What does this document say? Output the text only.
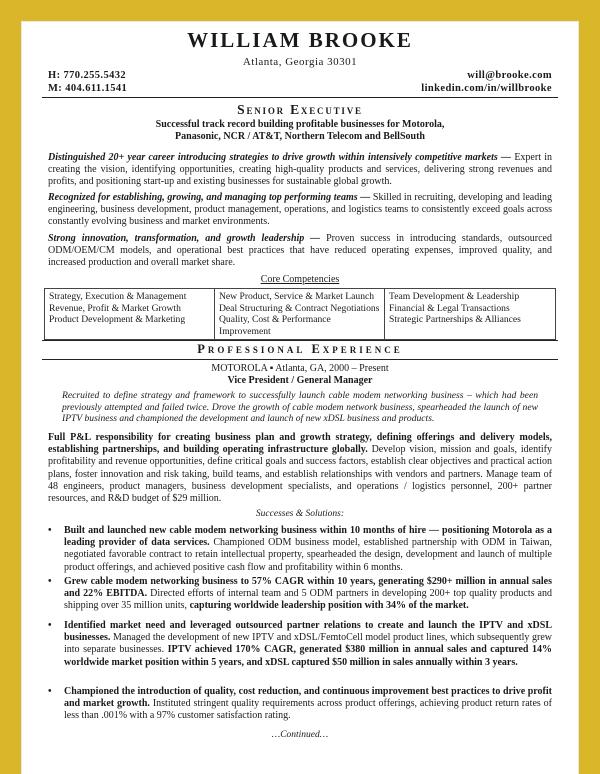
WILLIAM BROOKE
Atlanta, Georgia 30301
H: 770.255.5432
M: 404.611.1541
will@brooke.com
linkedin.com/in/willbrooke
Senior Executive
Successful track record building profitable businesses for Motorola,
Panasonic, NCR / AT&T, Northern Telecom and BellSouth
Distinguished 20+ year career introducing strategies to drive growth within intensively competitive markets — Expert in creating the vision, identifying opportunities, creating high-quality products and services, delivering strong revenues and profits, and positioning start-up and existing businesses for sustainable global growth.
Recognized for establishing, growing, and managing top performing teams — Skilled in recruiting, developing and leading engineering, business development, product management, operations, and logistics teams to consistently exceed goals across constantly evolving business and market environments.
Strong innovation, transformation, and growth leadership — Proven success in introducing standards, outsourced ODM/OEM/CM models, and operational best practices that have reduced operating expenses, improved quality, and increased production and overall market share.
Core Competencies
Strategy, Execution & Management
Revenue, Profit & Market Growth
Product Development & Marketing
New Product, Service & Market Launch
Deal Structuring & Contract Negotiations
Quality, Cost & Performance Improvement
Team Development & Leadership
Financial & Legal Transactions
Strategic Partnerships & Alliances
Professional Experience
MOTOROLA ▪ Atlanta, GA, 2000 – Present
Vice President / General Manager
Recruited to define strategy and framework to successfully launch cable modem networking business – which had been previously attempted and failed twice. Drove the growth of cable modem network business, spearheaded the launch of new IPTV business and championed the development and launch of new xDSL business and products.
Full P&L responsibility for creating business plan and growth strategy, defining offerings and delivery models, establishing partnerships, and building operating infrastructure globally. Develop vision, mission and goals, identify profitability and revenue opportunities, define critical goals and success factors, establish clear objectives and practical action plans, foster innovation and risk taking, build teams, and establish relationships with vendors and partners. Manage team of 48 engineers, product managers, business development specialists, and operations / logistics personnel, 200+ partner resources, and R&D budget of $29 million.
Successes & Solutions:
• Built and launched new cable modem networking business within 10 months of hire — positioning Motorola as a leading provider of data services. Championed ODM business model, established partnership with ODM in Taiwan, negotiated favorable contract to retain intellectual property, spearheaded the design, development and launch of multiple product offerings, and achieved positive cash flow and profitability within 6 months.
• Grew cable modem networking business to 57% CAGR within 10 years, generating $290+ million in annual sales and 22% EBITDA. Directed efforts of internal team and 5 ODM partners in developing 200+ top quality products and shipping over 35 million units, capturing worldwide leadership position with 34% of the market.
• Identified market need and leveraged outsourced partner relations to create and launch the IPTV and xDSL businesses. Managed the development of new IPTV and xDSL/FemtoCell model product lines, which subsequently grew into separate businesses. IPTV achieved 170% CAGR, generated $380 million in annual sales and captured 14% worldwide market position within 5 years, and xDSL captured $50 million in sales annually within 3 years.
• Championed the introduction of quality, cost reduction, and continuous improvement best practices to drive profit and market growth. Instituted stringent quality requirements across product offerings, achieving product return rates of less than .001% with a 97% customer satisfaction rating.
…Continued…
